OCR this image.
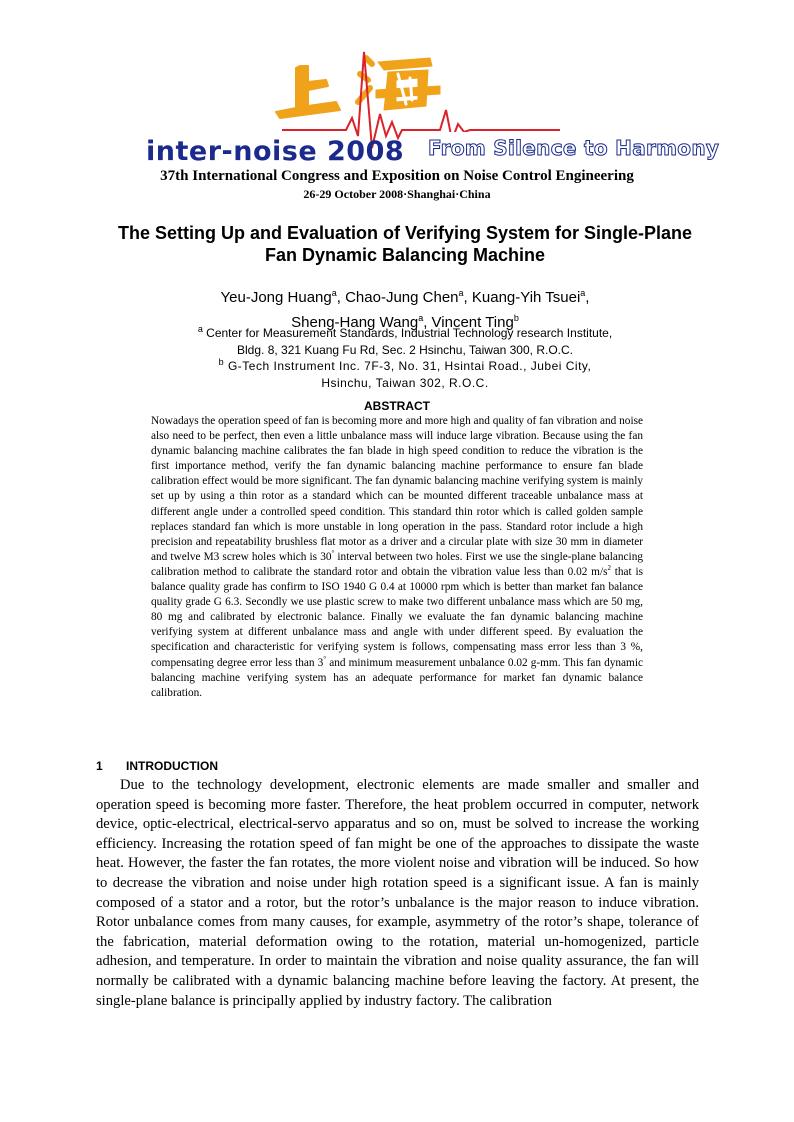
inter-noise 2008 From Silence to Harmony
37th International Congress and Exposition on Noise Control Engineering
26-29 October 2008·Shanghai·China
The Setting Up and Evaluation of Verifying System for Single-Plane Fan Dynamic Balancing Machine
Yeu-Jong Huang$^a$, Chao-Jung Chen$^a$, Kuang-Yih Tsuei$^a$,
Sheng-Hang Wang$^a$, Vincent Ting$^b$
$^a$ Center for Measurement Standards, Industrial Technology research Institute,
Bldg. 8, 321 Kuang Fu Rd, Sec. 2 Hsinchu, Taiwan 300, R.O.C.
$^b$ G-Tech Instrument Inc. 7F-3, No. 31, Hsintai Road., Jubei City,
Hsinchu, Taiwan 302, R.O.C.
ABSTRACT
Nowadays the operation speed of fan is becoming more and more high and quality of fan vibration and noise also need to be perfect, then even a little unbalance mass will induce large vibration. Because using the fan dynamic balancing machine calibrates the fan blade in high speed condition to reduce the vibration is the first importance method, verify the fan dynamic balancing machine performance to ensure fan blade calibration effect would be more significant. The fan dynamic balancing machine verifying system is mainly set up by using a thin rotor as a standard which can be mounted different traceable unbalance mass at different angle under a controlled speed condition. This standard thin rotor which is called golden sample replaces standard fan which is more unstable in long operation in the pass. Standard rotor include a high precision and repeatability brushless flat motor as a driver and a circular plate with size 30 mm in diameter and twelve M3 screw holes which is 30° interval between two holes. First we use the single-plane balancing calibration method to calibrate the standard rotor and obtain the vibration value less than 0.02 $m/s^2$ that is balance quality grade has confirm to ISO 1940 G 0.4 at 10000 rpm which is better than market fan balance quality grade G 6.3. Secondly we use plastic screw to make two different unbalance mass which are 50 mg, 80 mg and calibrated by electronic balance. Finally we evaluate the fan dynamic balancing machine verifying system at different unbalance mass and angle with under different speed. By evaluation the specification and characteristic for verifying system is follows, compensating mass error less than 3 %, compensating degree error less than 3° and minimum measurement unbalance 0.02 g-mm. This fan dynamic balancing machine verifying system has an adequate performance for market fan dynamic balance calibration.
1 INTRODUCTION
Due to the technology development, electronic elements are made smaller and smaller and operation speed is becoming more faster. Therefore, the heat problem occurred in computer, network device, optic-electrical, electrical-servo apparatus and so on, must be solved to increase the working efficiency. Increasing the rotation speed of fan might be one of the approaches to dissipate the waste heat. However, the faster the fan rotates, the more violent noise and vibration will be induced. So how to decrease the vibration and noise under high rotation speed is a significant issue. A fan is mainly composed of a stator and a rotor, but the rotor’s unbalance is the major reason to induce vibration. Rotor unbalance comes from many causes, for example, asymmetry of the rotor’s shape, tolerance of the fabrication, material deformation owing to the rotation, material un-homogenized, particle adhesion, and temperature. In order to maintain the vibration and noise quality assurance, the fan will normally be calibrated with a dynamic balancing machine before leaving the factory. At present, the single-plane balance is principally applied by industry factory. The calibration
